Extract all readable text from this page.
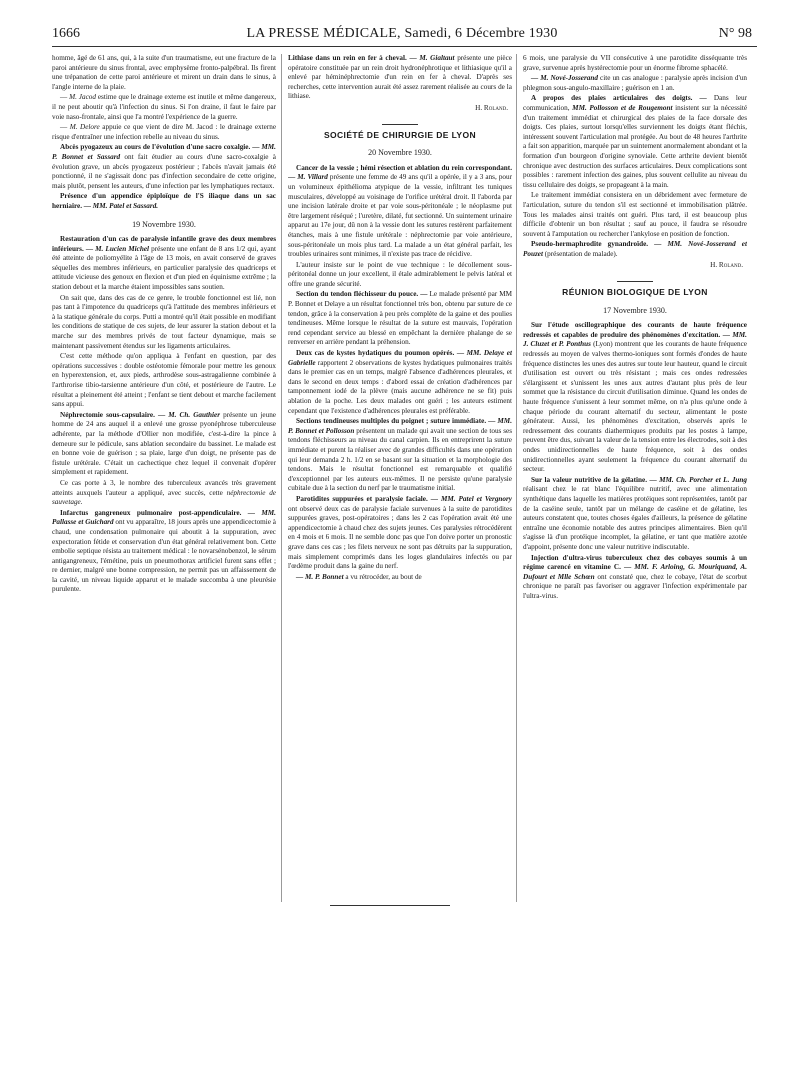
1666	LA PRESSE MÉDICALE, Samedi, 6 Décembre 1930	N° 98

homme, âgé de 61 ans, qui, à la suite d'un traumatisme, eut une fracture de la paroi antérieure du sinus frontal, avec emphysème fronto-palpébral. Ils firent une trépanation de cette paroi antérieure et mirent un drain dans le sinus, à l'angle interne de la plaie.

— M. Jacod estime que le drainage externe est inutile et même dangereux, il ne peut aboutir qu'à l'infection du sinus. Si l'on draine, il faut le faire par voie naso-frontale, ainsi que l'a montré l'expérience de la guerre.

— M. Delore appuie ce que vient de dire M. Jacod : le drainage externe risque d'entraîner une infection rebelle au niveau du sinus.

Abcès pyogazeux au cours de l'évolution d'une sacro coxalgie. — MM. P. Bonnet et Sassard ont fait étudier au cours d'une sacro-coxalgie à évolution grave, un abcès pyogazeux postérieur ; l'abcès n'avait jamais été ponctionné, il ne s'agissait donc pas d'infection secondaire de cette origine, mais plutôt, pensent les auteurs, d'une infection par les lymphatiques rectaux.

Présence d'un appendice épiploïque de l'S iliaque dans un sac herniaire. — MM. Patel et Sassard.

19 Novembre 1930.

Restauration d'un cas de paralysie infantile grave des deux membres inférieurs. — M. Lucien Michel présente une enfant de 8 ans 1/2 qui, ayant été atteinte de poliomyélite à l'âge de 13 mois, en avait conservé de graves séquelles des membres inférieurs, en particulier paralysie des quadriceps et attitude vicieuse des genoux en flexion et d'un pied en équinisme extrême ; la station debout et la marche étaient impossibles sans soutien.

On sait que, dans des cas de ce genre, le trouble fonctionnel est lié, non pas tant à l'impotence du quadriceps qu'à l'attitude des membres inférieurs et à la statique générale du corps. Putti a montré qu'il était possible en modifiant les conditions de statique de ces sujets, de leur assurer la station debout et la marche sur des membres privés de tout facteur dynamique, mais se maintenant passivement étendus sur les ligaments articulaires.

C'est cette méthode qu'on appliqua à l'enfant en question, par des opérations successives : double ostéotomie fémorale pour mettre les genoux en hyperextension, et, aux pieds, arthrodèse sous-astragalienne combinée à l'arthrorise tibio-tarsienne antérieure d'un côté, et postérieure de l'autre. Le résultat a pleinement été atteint ; l'enfant se tient debout et marche facilement sans appui.

Néphrectomie sous-capsulaire. — M. Ch. Gauthier présente un jeune homme de 24 ans auquel il a enlevé une grosse pyonéphrose tuberculeuse adhérente, par la méthode d'Ollier non modifiée, c'est-à-dire la pince à demeure sur le pédicule, sans ablation secondaire du bassinet. Le malade est en bonne voie de guérison ; sa plaie, large d'un doigt, ne présente pas de fistule urétérale. C'était un cachectique chez lequel il convenait d'opérer simplement et rapidement.

Ce cas porte à 3, le nombre des tuberculeux avancés très gravement atteints auxquels l'auteur a appliqué, avec succès, cette néphrectomie de sauvetage.

Infarctus gangreneux pulmonaire post-appendiculaire. — MM. Pallasse et Guichard ont vu apparaître, 18 jours après une appendicectomie à chaud, une condensation pulmonaire qui aboutit à la suppuration, avec expectoration fétide et conservation d'un état général relativement bon. Cette embolie septique résista au traitement médical : le novarsénobenzol, le sérum antigangreneux, l'émétine, puis un pneumothorax artificiel furent sans effet ; re dernier, malgré une bonne compression, ne permit pas un affaissement de la cavité, un niveau liquide apparut et le malade succomba à une pleurésie purulente.

Lithiase dans un rein en fer à cheval. — M. Gialtaut présente une pièce opératoire constituée par un rein droit hydronéphrotique et lithiasique qu'il a enlevé par héminéphrectomie d'un rein en fer à cheval. D'après ses recherches, cette intervention aurait été assez rarement réalisée au cours de la lithiase.

H. Roland.
SOCIÉTÉ DE CHIRURGIE DE LYON
20 Novembre 1930.

Cancer de la vessie ; hémi résection et ablation du rein correspondant. — M. Villard présente une femme de 49 ans qu'il a opérée, il y a 3 ans, pour un volumineux épithélioma atypique de la vessie, infiltrant les tuniques musculaires, développé au voisinage de l'orifice urétéral droit. Il l'aborda par une incision latérale droite et par voie sous-péritonéale ; le néoplasme put être largement réséqué ; l'uretère, dilaté, fut sectionné. Un suintement urinaire apparut au 17e jour, dû non à la vessie dont les sutures restèrent parfaitement étanches, mais à une fistule urétérale : néphrectomie par voie antérieure, sous-péritonéale un mois plus tard. La malade a un état général parfait, les troubles urinaires sont minimes, il n'existe pas trace de récidive.

L'auteur insiste sur le point de vue technique : le décollement sous-péritonéal donne un jour excellent, il étale admirablement le pelvis latéral et offre une grande sécurité.

Section du tendon fléchisseur du pouce. — Le malade présenté par MM P. Bonnet et Delaye a un résultat fonctionnel très bon, obtenu par suture de ce tendon, grâce à la conservation à peu près complète de la gaine et des poulies tendineuses. Même lorsque le résultat de la suture est mauvais, l'opération rend cependant service au blessé en empêchant la dernière phalange de se renverser en arrière pendant la préhension.

Deux cas de kystes hydatiques du poumon opérés. — MM. Delaye et Gabrielle rapportent 2 observations de kystes hydatiques pulmonaires traités dans le premier cas en un temps, malgré l'absence d'adhérences pleurales, et dans le second en deux temps : d'abord essai de création d'adhérences par tamponnement iodé de la plèvre (mais aucune adhérence ne se fit) puis ablation de la poche. Les deux malades ont guéri ; les auteurs estiment cependant que l'existence d'adhérences pleurales est préférable.

Sections tendineuses multiples du poignet ; suture immédiate. — MM. P. Bonnet et Pollosson présentent un malade qui avait une section de tous ses tendons fléchisseurs au niveau du canal carpien. Ils en entreprirent la suture immédiate et purent la réaliser avec de grandes difficultés dans une opération qui leur demanda 2 h. 1/2 en se basant sur la situation et la morphologie des tendons. Mais le résultat fonctionnel est remarquable et qualifié d'exceptionnel par les auteurs eux-mêmes. Il ne persiste qu'une paralysie cubitale due à la section du nerf par le traumatisme initial.

Parotidites suppurées et paralysie faciale. — MM. Patel et Vergnory ont observé deux cas de paralysie faciale survenues à la suite de parotidites suppurées graves, post-opératoires ; dans les 2 cas l'opération avait été une appendicectomie à chaud chez des sujets jeunes. Ces paralysies rétrocédèrent en 4 mois et 6 mois. Il ne semble donc pas que l'on doive porter un pronostic grave dans ces cas ; les filets nerveux ne sont pas détruits par la suppuration, mais simplement comprimés dans les loges glandulaires infectés ou par l'œdème produit dans la gaine du nerf.

— M. P. Bonnet a vu rétrocéder, au bout de

6 mois, une paralysie du VII consécutive à une parotidite disséquante très grave, survenue après hystérectomie pour un énorme fibrome sphacélé.

— M. Nové-Josserand cite un cas analogue : paralysie après incision d'un phlegmon sous-angulo-maxillaire ; guérison en 1 an.

A propos des plaies articulaires des doigts. — Dans leur communication, MM. Pollosson et de Rougemont insistent sur la nécessité d'un traitement immédiat et chirurgical des plaies de la face dorsale des doigts. Ces plaies, surtout lorsqu'elles surviennent les doigts étant fléchis, intéressent souvent l'articulation mal protégée. Au bout de 48 heures l'arthrite a fait son apparition, marquée par un suintement anormalement abondant et la formation d'un bourgeon d'origine synoviale. Cette arthrite devient bientôt chronique avec destruction des surfaces articulaires. Deux complications sont possibles : rarement infection des gaines, plus souvent cellulite au niveau du tissu cellulaire des doigts, se propageant à la main.

Le traitement immédiat consistera en un débridement avec fermeture de l'articulation, suture du tendon s'il est sectionné et immobilisation plâtrée. Tous les malades ainsi traités ont guéri. Plus tard, il est beaucoup plus difficile d'obtenir un bon résultat ; sauf au pouce, il faudra se résoudre souvent à l'amputation ou rechercher l'ankylose en position de fonction.

Pseudo-hermaphrodite gynandroïde. — MM. Nové-Josserand et Pouzet (présentation de malade).

H. Roland.
RÉUNION BIOLOGIQUE DE LYON
17 Novembre 1930.

Sur l'étude oscillographique des courants de haute fréquence redressés et capables de produire des phénomènes d'excitation. — MM. J. Cluzet et P. Ponthus (Lyon) montrent que les courants de haute fréquence redressés au moyen de valves thermo-ioniques sont formés d'ondes de haute fréquence distinctes les unes des autres sur toute leur hauteur, quand le circuit d'utilisation est ouvert ou très résistant ; mais ces ondes redressées s'élargissent et s'unissent les unes aux autres d'autant plus près de leur sommet que la résistance du circuit d'utilisation diminue. Quand les ondes de haute fréquence s'unissent à leur sommet même, on n'a plus qu'une onde à chaque période du courant alternatif du secteur, alimentant le poste générateur. Aussi, les phénomènes d'excitation, observés après le redressement des courants diathermiques produits par les postes à lampe, peuvent être dus, suivant la valeur de la tension entre les électrodes, soit à des ondes unidirectionnelles de haute fréquence, soit à des ondes unidirectionnelles ayant seulement la fréquence du courant alternatif du secteur.

Sur la valeur nutritive de la gélatine. — MM. Ch. Porcher et L. Jung réalisant chez le rat blanc l'équilibre nutritif, avec une alimentation synthétique dans laquelle les matières protéiques sont représentées, tantôt par de la caséine seule, tantôt par un mélange de caséine et de gélatine, les auteurs constatent que, toutes choses égales d'ailleurs, la présence de gélatine entraîne une économie notable des autres principes alimentaires. Bien qu'il s'agisse là d'un protéique incomplet, la gélatine, er tant que matière azotée d'appoint, présente donc une valeur nutritive indiscutable.

Injection d'ultra-virus tuberculeux chez des cobayes soumis à un régime carencé en vitamine C. — MM. F. Arloing, G. Mouriquand, A. Dufourt et Mlle Schœn ont constaté que, chez le cobaye, l'état de scorbut chronique ne paraît pas favoriser ou aggraver l'infection expérimentale par l'ultra-virus.
